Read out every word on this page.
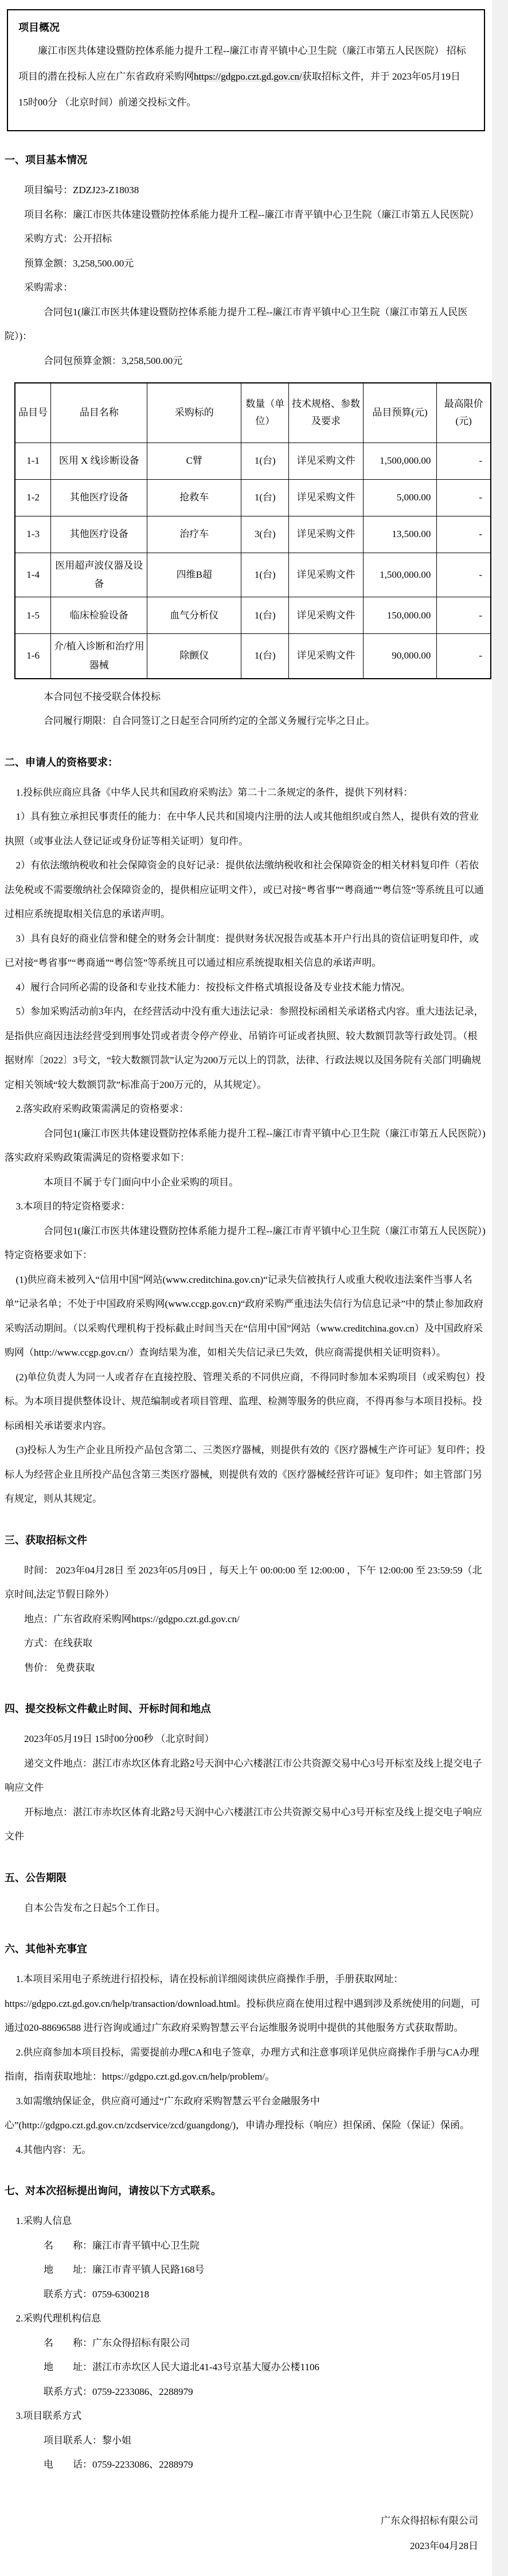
项目概况

廉江市医共体建设暨防控体系能力提升工程--廉江市青平镇中心卫生院（廉江市第五人民医院） 招标项目的潜在投标人应在广东省政府采购网https://gdgpo.czt.gd.gov.cn/获取招标文件，并于 2023年05月19日 15时00分 （北京时间）前递交投标文件。

一、项目基本情况

项目编号：ZDZJ23-Z18038

项目名称：廉江市医共体建设暨防控体系能力提升工程--廉江市青平镇中心卫生院（廉江市第五人民医院）

采购方式：公开招标

预算金额：3,258,500.00元

采购需求：

合同包1(廉江市医共体建设暨防控体系能力提升工程--廉江市青平镇中心卫生院（廉江市第五人民医院）)：

合同包预算金额：3,258,500.00元

品目号	品目名称	采购标的	数量（单位）	技术规格、参数及要求	品目预算(元)	最高限价(元)
1-1	医用 X 线诊断设备	C臂	1(台)	详见采购文件	1,500,000.00	-
1-2	其他医疗设备	抢救车	1(台)	详见采购文件	5,000.00	-
1-3	其他医疗设备	治疗车	3(台)	详见采购文件	13,500.00	-
1-4	医用超声波仪器及设备	四维B超	1(台)	详见采购文件	1,500,000.00	-
1-5	临床检验设备	血气分析仪	1(台)	详见采购文件	150,000.00	-
1-6	介/植入诊断和治疗用器械	除颤仪	1(台)	详见采购文件	90,000.00	-

本合同包不接受联合体投标

合同履行期限：自合同签订之日起至合同所约定的全部义务履行完毕之日止。

二、申请人的资格要求：

1.投标供应商应具备《中华人民共和国政府采购法》第二十二条规定的条件，提供下列材料：

1）具有独立承担民事责任的能力：在中华人民共和国境内注册的法人或其他组织或自然人，提供有效的营业执照（或事业法人登记证或身份证等相关证明）复印件。

2）有依法缴纳税收和社会保障资金的良好记录：提供依法缴纳税收和社会保障资金的相关材料复印件（若依法免税或不需要缴纳社会保障资金的，提供相应证明文件），或已对接“粤省事”“粤商通”“粤信签”等系统且可以通过相应系统提取相关信息的承诺声明。

3）具有良好的商业信誉和健全的财务会计制度：提供财务状况报告或基本开户行出具的资信证明复印件，或已对接“粤省事”“粤商通”“粤信签”等系统且可以通过相应系统提取相关信息的承诺声明。

4）履行合同所必需的设备和专业技术能力：按投标文件格式填报设备及专业技术能力情况。

5）参加采购活动前3年内，在经营活动中没有重大违法记录：参照投标函相关承诺格式内容。重大违法记录，是指供应商因违法经营受到刑事处罚或者责令停产停业、吊销许可证或者执照、较大数额罚款等行政处罚。（根据财库〔2022〕3号文，“较大数额罚款”认定为200万元以上的罚款，法律、行政法规以及国务院有关部门明确规定相关领域“较大数额罚款”标准高于200万元的，从其规定）。

2.落实政府采购政策需满足的资格要求：

合同包1(廉江市医共体建设暨防控体系能力提升工程--廉江市青平镇中心卫生院（廉江市第五人民医院）)落实政府采购政策需满足的资格要求如下：

本项目不属于专门面向中小企业采购的项目。

3.本项目的特定资格要求：

合同包1(廉江市医共体建设暨防控体系能力提升工程--廉江市青平镇中心卫生院（廉江市第五人民医院）)特定资格要求如下：

(1)供应商未被列入“信用中国”网站(www.creditchina.gov.cn)“记录失信被执行人或重大税收违法案件当事人名单”记录名单；不处于中国政府采购网(www.ccgp.gov.cn)“政府采购严重违法失信行为信息记录”中的禁止参加政府采购活动期间。（以采购代理机构于投标截止时间当天在“信用中国”网站（www.creditchina.gov.cn）及中国政府采购网（http://www.ccgp.gov.cn/）查询结果为准，如相关失信记录已失效，供应商需提供相关证明资料）。

(2)单位负责人为同一人或者存在直接控股、管理关系的不同供应商，不得同时参加本采购项目（或采购包）投标。为本项目提供整体设计、规范编制或者项目管理、监理、检测等服务的供应商，不得再参与本项目投标。投标函相关承诺要求内容。

(3)投标人为生产企业且所投产品包含第二、三类医疗器械，则提供有效的《医疗器械生产许可证》复印件；投标人为经营企业且所投产品包含第三类医疗器械，则提供有效的《医疗器械经营许可证》复印件；如主管部门另有规定，则从其规定。

三、获取招标文件

时间： 2023年04月28日 至 2023年05月09日 ，每天上午 00:00:00 至 12:00:00 ，下午 12:00:00 至 23:59:59（北京时间,法定节假日除外）

地点：广东省政府采购网https://gdgpo.czt.gd.gov.cn/

方式：在线获取

售价： 免费获取

四、提交投标文件截止时间、开标时间和地点

2023年05月19日 15时00分00秒 （北京时间）

递交文件地点：湛江市赤坎区体育北路2号天润中心六楼湛江市公共资源交易中心3号开标室及线上提交电子响应文件

开标地点：湛江市赤坎区体育北路2号天润中心六楼湛江市公共资源交易中心3号开标室及线上提交电子响应文件

五、公告期限

自本公告发布之日起5个工作日。

六、其他补充事宜

1.本项目采用电子系统进行招投标，请在投标前详细阅读供应商操作手册，手册获取网址：https://gdgpo.czt.gd.gov.cn/help/transaction/download.html。投标供应商在使用过程中遇到涉及系统使用的问题，可通过020-88696588 进行咨询或通过广东政府采购智慧云平台运维服务说明中提供的其他服务方式获取帮助。

2.供应商参加本项目投标，需要提前办理CA和电子签章，办理方式和注意事项详见供应商操作手册与CA办理指南，指南获取地址：https://gdgpo.czt.gd.gov.cn/help/problem/。

3.如需缴纳保证金，供应商可通过“广东政府采购智慧云平台金融服务中心”(http://gdgpo.czt.gd.gov.cn/zcdservice/zcd/guangdong/)，申请办理投标（响应）担保函、保险（保证）保函。

4.其他内容：无。

七、对本次招标提出询问，请按以下方式联系。

1.采购人信息

名　　称：廉江市青平镇中心卫生院

地　　址：廉江市青平镇人民路168号

联系方式：0759-6300218

2.采购代理机构信息

名　　称：广东众得招标有限公司

地　　址：湛江市赤坎区人民大道北41-43号京基大厦办公楼1106

联系方式：0759-2233086、2288979

3.项目联系方式

项目联系人：黎小姐

电　　话：0759-2233086、2288979

广东众得招标有限公司

2023年04月28日
